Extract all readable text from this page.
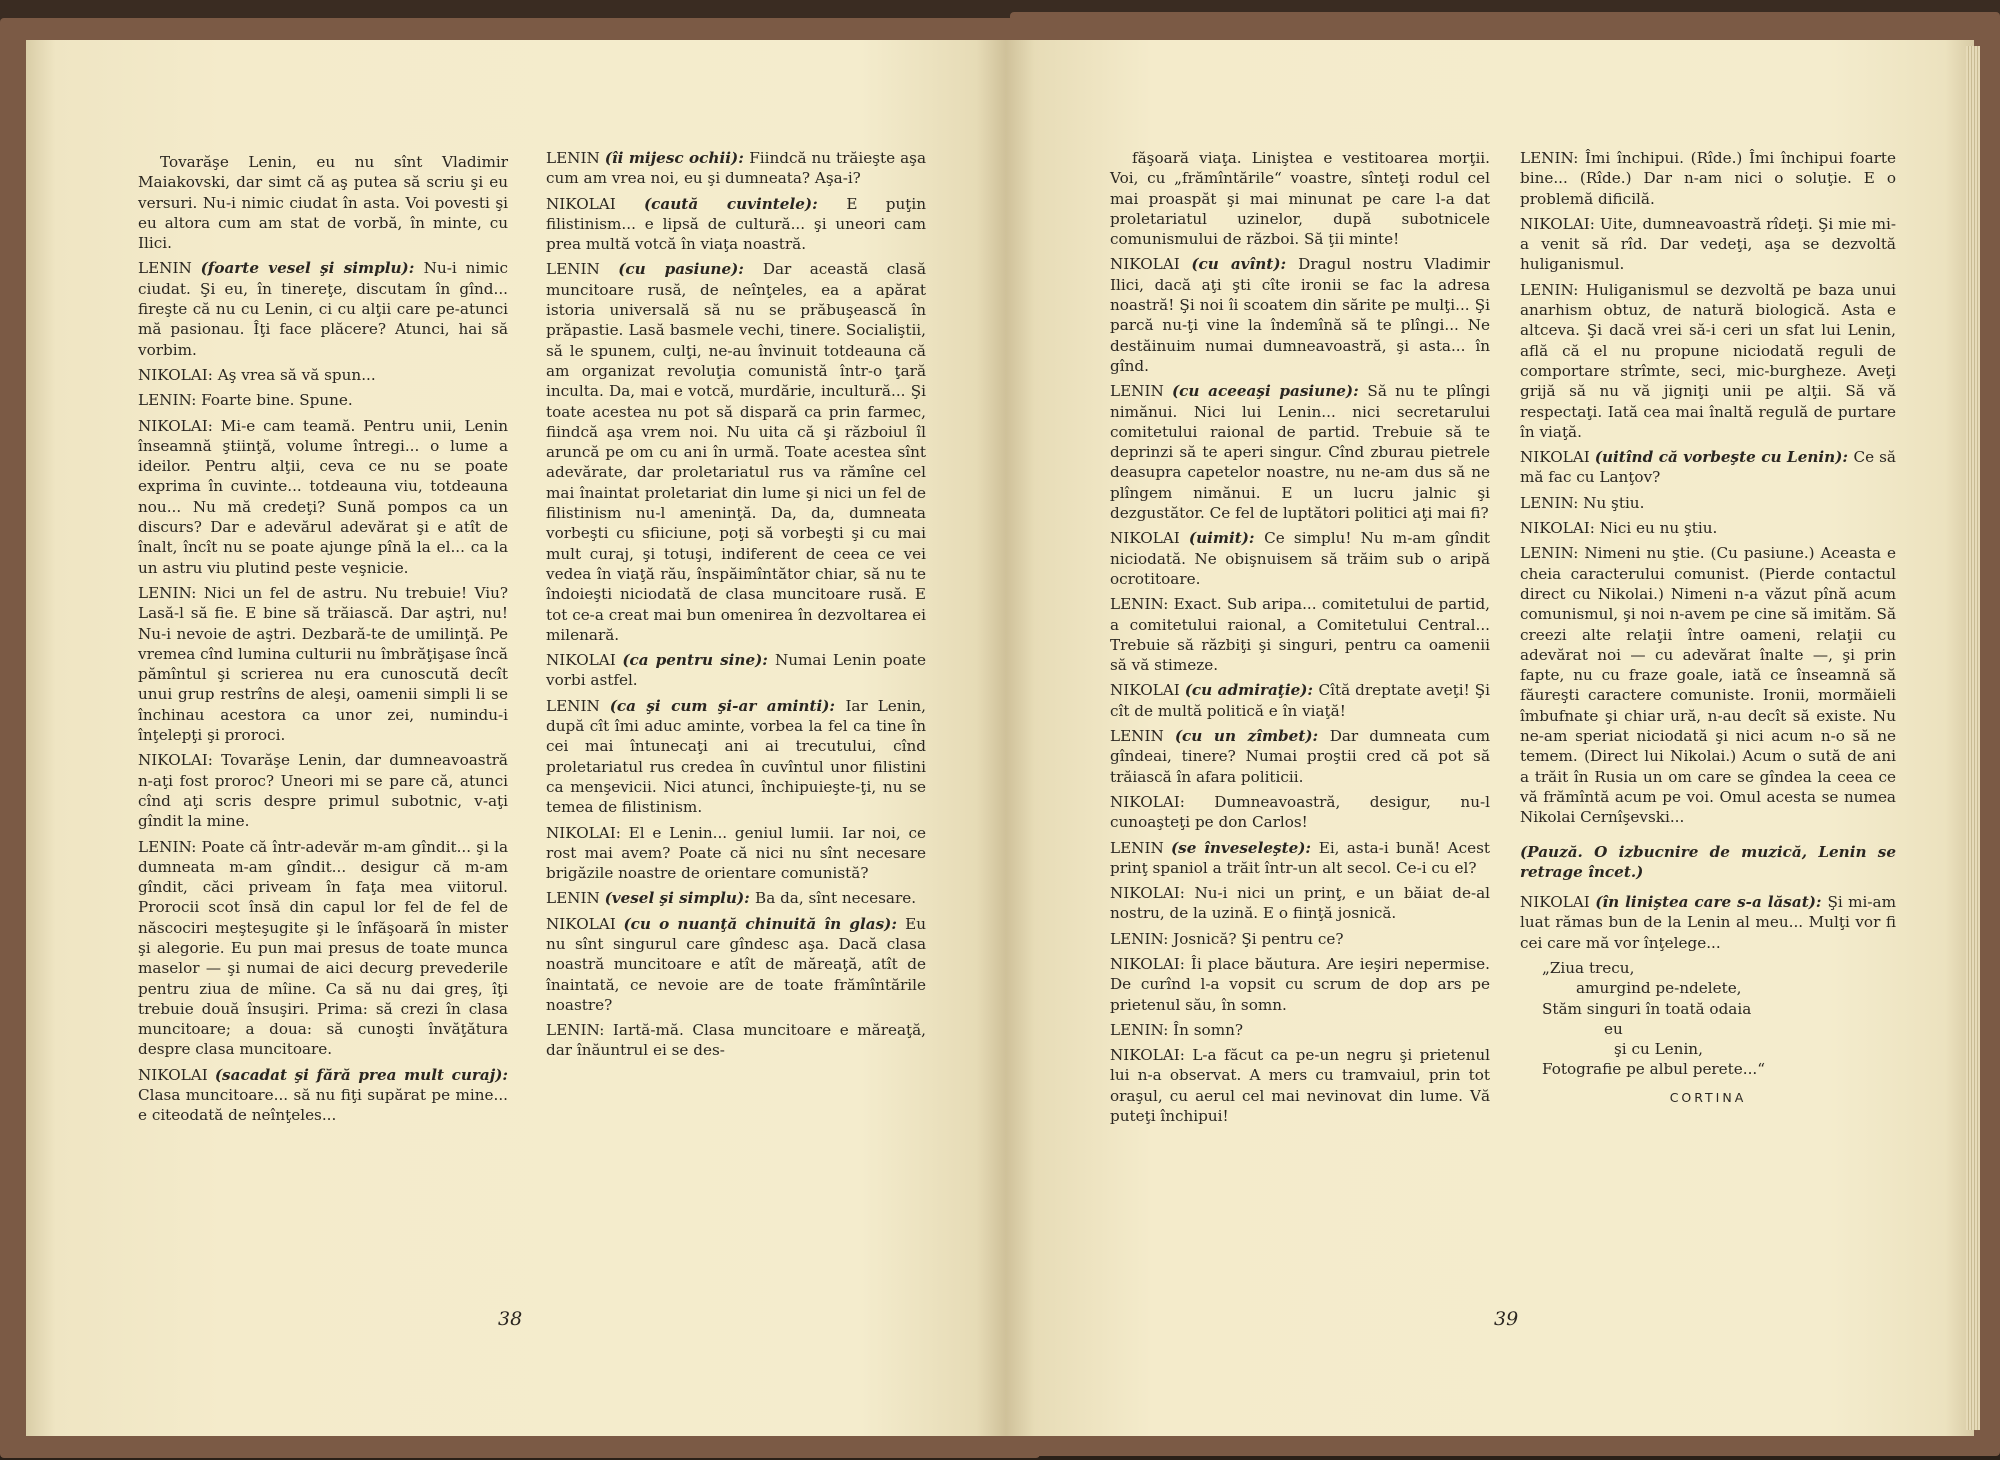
Tovarăşe Lenin, eu nu sînt Vladimir Maiakovski, dar simt că aş putea să scriu şi eu versuri. Nu-i nimic ciudat în asta. Voi povesti şi eu altora cum am stat de vorbă, în minte, cu Ilici.

LENIN (foarte vesel şi simplu): Nu-i nimic ciudat. Şi eu, în tinereţe, discutam în gînd... fireşte că nu cu Lenin, ci cu alţii care pe-atunci mă pasionau. Îţi face plăcere? Atunci, hai să vorbim.

NIKOLAI: Aş vrea să vă spun...

LENIN: Foarte bine. Spune.

NIKOLAI: Mi-e cam teamă. Pentru unii, Lenin înseamnă ştiinţă, volume întregi... o lume a ideilor. Pentru alţii, ceva ce nu se poate exprima în cuvinte... totdeauna viu, totdeauna nou... Nu mă credeţi? Sună pompos ca un discurs? Dar e adevărul adevărat şi e atît de înalt, încît nu se poate ajunge pînă la el... ca la un astru viu plutind peste veşnicie.

LENIN: Nici un fel de astru. Nu trebuie! Viu? Lasă-l să fie. E bine să trăiască. Dar aştri, nu! Nu-i nevoie de aştri. Dezbară-te de umilinţă. Pe vremea cînd lumina culturii nu îmbrăţişase încă pămîntul şi scrierea nu era cunoscută decît unui grup restrîns de aleşi, oamenii simpli li se închinau acestora ca unor zei, numindu-i înţelepţi şi proroci.

NIKOLAI: Tovarăşe Lenin, dar dumneavoastră n-aţi fost proroc? Uneori mi se pare că, atunci cînd aţi scris despre primul subotnic, v-aţi gîndit la mine.

LENIN: Poate că într-adevăr m-am gîndit... şi la dumneata m-am gîndit... desigur că m-am gîndit, căci priveam în faţa mea viitorul. Prorocii scot însă din capul lor fel de fel de născociri meşteşugite şi le înfăşoară în mister şi alegorie. Eu pun mai presus de toate munca maselor — şi numai de aici decurg prevederile pentru ziua de mîine. Ca să nu dai greş, îţi trebuie două însuşiri. Prima: să crezi în clasa muncitoare; a doua: să cunoşti învăţătura despre clasa muncitoare.

NIKOLAI (sacadat şi fără prea mult curaj): Clasa muncitoare... să nu fiţi supărat pe mine... e citeodată de neînţeles...

LENIN (îi mijesc ochii): Fiindcă nu trăieşte aşa cum am vrea noi, eu şi dumneata? Aşa-i?

NIKOLAI (caută cuvintele): E puţin filistinism... e lipsă de cultură... şi uneori cam prea multă votcă în viaţa noastră.

LENIN (cu pasiune): Dar această clasă muncitoare rusă, de neînţeles, ea a apărat istoria universală să nu se prăbuşească în prăpastie. Lasă basmele vechi, tinere. Socialiştii, să le spunem, culţi, ne-au învinuit totdeauna că am organizat revoluţia comunistă într-o ţară inculta. Da, mai e votcă, murdărie, incultură... Şi toate acestea nu pot să dispară ca prin farmec, fiindcă aşa vrem noi. Nu uita că şi războiul îl aruncă pe om cu ani în urmă. Toate acestea sînt adevărate, dar proletariatul rus va rămîne cel mai înaintat proletariat din lume şi nici un fel de filistinism nu-l ameninţă. Da, da, dumneata vorbeşti cu sfiiciune, poţi să vorbeşti şi cu mai mult curaj, şi totuşi, indiferent de ceea ce vei vedea în viaţă rău, înspăimîntător chiar, să nu te îndoieşti niciodată de clasa muncitoare rusă. E tot ce-a creat mai bun omenirea în dezvoltarea ei milenară.

NIKOLAI (ca pentru sine): Numai Lenin poate vorbi astfel.

LENIN (ca şi cum şi-ar aminti): Iar Lenin, după cît îmi aduc aminte, vorbea la fel ca tine în cei mai întunecaţi ani ai trecutului, cînd proletariatul rus credea în cuvîntul unor filistini ca menşevicii. Nici atunci, închipuieşte-ţi, nu se temea de filistinism.

NIKOLAI: El e Lenin... geniul lumii. Iar noi, ce rost mai avem? Poate că nici nu sînt necesare brigăzile noastre de orientare comunistă?

LENIN (vesel şi simplu): Ba da, sînt necesare.

NIKOLAI (cu o nuanţă chinuită în glas): Eu nu sînt singurul care gîndesc aşa. Dacă clasa noastră muncitoare e atît de măreaţă, atît de înaintată, ce nevoie are de toate frămîntările noastre?

LENIN: Iartă-mă. Clasa muncitoare e măreaţă, dar înăuntrul ei se des-

38

făşoară viaţa. Liniştea e vestitoarea morţii. Voi, cu „frămîntările“ voastre, sînteţi rodul cel mai proaspăt şi mai minunat pe care l-a dat proletariatul uzinelor, după subotnicele comunismului de război. Să ţii minte!

NIKOLAI (cu avînt): Dragul nostru Vladimir Ilici, dacă aţi şti cîte ironii se fac la adresa noastră! Şi noi îi scoatem din sărite pe mulţi... Şi parcă nu-ţi vine la îndemînă să te plîngi... Ne destăinuim numai dumneavoastră, şi asta... în gînd.

LENIN (cu aceeaşi pasiune): Să nu te plîngi nimănui. Nici lui Lenin... nici secretarului comitetului raional de partid. Trebuie să te deprinzi să te aperi singur. Cînd zburau pietrele deasupra capetelor noastre, nu ne-am dus să ne plîngem nimănui. E un lucru jalnic şi dezgustător. Ce fel de luptători politici aţi mai fi?

NIKOLAI (uimit): Ce simplu! Nu m-am gîndit niciodată. Ne obişnuisem să trăim sub o aripă ocrotitoare.

LENIN: Exact. Sub aripa... comitetului de partid, a comitetului raional, a Comitetului Central... Trebuie să răzbiţi şi singuri, pentru ca oamenii să vă stimeze.

NIKOLAI (cu admiraţie): Cîtă dreptate aveţi! Şi cît de multă politică e în viaţă!

LENIN (cu un zîmbet): Dar dumneata cum gîndeai, tinere? Numai proştii cred că pot să trăiască în afara politicii.

NIKOLAI: Dumneavoastră, desigur, nu-l cunoaşteţi pe don Carlos!

LENIN (se înveseleşte): Ei, asta-i bună! Acest prinţ spaniol a trăit într-un alt secol. Ce-i cu el?

NIKOLAI: Nu-i nici un prinţ, e un băiat de-al nostru, de la uzină. E o fiinţă josnică.

LENIN: Josnică? Şi pentru ce?

NIKOLAI: Îi place băutura. Are ieşiri nepermise. De curînd l-a vopsit cu scrum de dop ars pe prietenul său, în somn.

LENIN: În somn?

NIKOLAI: L-a făcut ca pe-un negru şi prietenul lui n-a observat. A mers cu tramvaiul, prin tot oraşul, cu aerul cel mai nevinovat din lume. Vă puteţi închipui!

LENIN: Îmi închipui. (Rîde.) Îmi închipui foarte bine... (Rîde.) Dar n-am nici o soluţie. E o problemă dificilă.

NIKOLAI: Uite, dumneavoastră rîdeţi. Şi mie mi-a venit să rîd. Dar vedeţi, aşa se dezvoltă huliganismul.

LENIN: Huliganismul se dezvoltă pe baza unui anarhism obtuz, de natură biologică. Asta e altceva. Şi dacă vrei să-i ceri un sfat lui Lenin, află că el nu propune niciodată reguli de comportare strîmte, seci, mic-burgheze. Aveţi grijă să nu vă jigniţi unii pe alţii. Să vă respectaţi. Iată cea mai înaltă regulă de purtare în viaţă.

NIKOLAI (uitînd că vorbeşte cu Lenin): Ce să mă fac cu Lanţov?

LENIN: Nu ştiu.

NIKOLAI: Nici eu nu ştiu.

LENIN: Nimeni nu ştie. (Cu pasiune.) Aceasta e cheia caracterului comunist. (Pierde contactul direct cu Nikolai.) Nimeni n-a văzut pînă acum comunismul, şi noi n-avem pe cine să imităm. Să creezi alte relaţii între oameni, relaţii cu adevărat noi — cu adevărat înalte —, şi prin fapte, nu cu fraze goale, iată ce înseamnă să făureşti caractere comuniste. Ironii, mormăieli îmbufnate şi chiar ură, n-au decît să existe. Nu ne-am speriat niciodată şi nici acum n-o să ne temem. (Direct lui Nikolai.) Acum o sută de ani a trăit în Rusia un om care se gîndea la ceea ce vă frămîntă acum pe voi. Omul acesta se numea Nikolai Cernîşevski...

(Pauză. O izbucnire de muzică, Lenin se retrage încet.)

NIKOLAI (în liniştea care s-a lăsat): Şi mi-am luat rămas bun de la Lenin al meu... Mulţi vor fi cei care mă vor înţelege...

„Ziua trecu,
amurgind pe-ndelete,
Stăm singuri în toată odaia
eu
şi cu Lenin,
Fotografie pe albul perete...“
CORTINA
39
